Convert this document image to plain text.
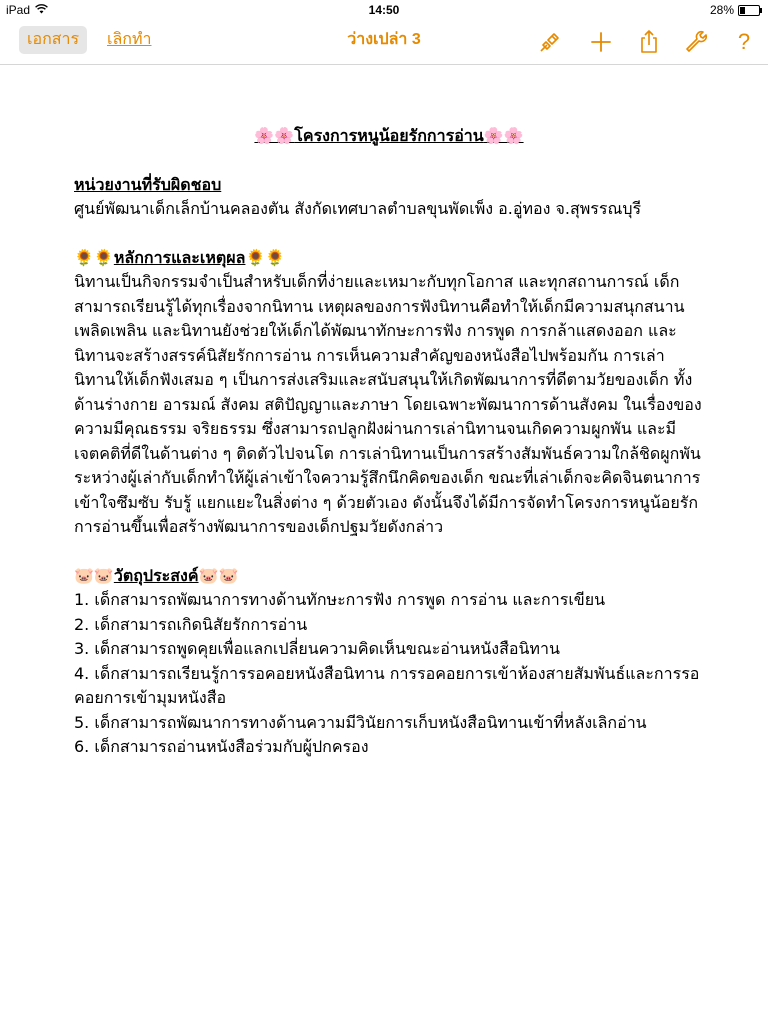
iPad	14:50	28%
เอกสาร	เลิกทำ	ว่างเปล่า 3	?
🌸🌸โครงการหนูน้อยรักการอ่าน🌸🌸
หน่วยงานที่รับผิดชอบ
ศูนย์พัฒนาเด็กเล็กบ้านคลองตัน สังกัดเทศบาลตำบลขุนพัดเพ็ง อ.อู่ทอง จ.สุพรรณบุรี
🌻🌻หลักการและเหตุผล🌻🌻
นิทานเป็นกิจกรรมจำเป็นสำหรับเด็กที่ง่ายและเหมาะกับทุกโอกาส และทุกสถานการณ์ เด็กสามารถเรียนรู้ได้ทุกเรื่องจากนิทาน เหตุผลของการฟังนิทานคือทำให้เด็กมีความสนุกสนาน เพลิดเพลิน และนิทานยังช่วยให้เด็กได้พัฒนาทักษะการฟัง การพูด การกล้าแสดงออก และนิทานจะสร้างสรรค์นิสัยรักการอ่าน การเห็นความสำคัญของหนังสือไปพร้อมกัน การเล่านิทานให้เด็กฟังเสมอ ๆ เป็นการส่งเสริมและสนับสนุนให้เกิดพัฒนาการที่ดีตามวัยของเด็ก ทั้งด้านร่างกาย อารมณ์ สังคม สติปัญญาและภาษา โดยเฉพาะพัฒนาการด้านสังคม ในเรื่องของความมีคุณธรรม จริยธรรม ซึ่งสามารถปลูกฝังผ่านการเล่านิทานจนเกิดความผูกพัน และมีเจตคติที่ดีในด้านต่าง ๆ ติดตัวไปจนโต การเล่านิทานเป็นการสร้างสัมพันธ์ความใกล้ชิดผูกพันระหว่างผู้เล่ากับเด็กทำให้ผู้เล่าเข้าใจความรู้สึกนึกคิดของเด็ก ขณะที่เล่าเด็กจะคิดจินตนาการ เข้าใจซึมซับ รับรู้ แยกแยะในสิ่งต่าง ๆ ด้วยตัวเอง ดังนั้นจึงได้มีการจัดทำโครงการหนูน้อยรักการอ่านขึ้นเพื่อสร้างพัฒนาการของเด็กปฐมวัยดังกล่าว
🐷🐷วัตถุประสงค์🐷🐷
1. เด็กสามารถพัฒนาการทางด้านทักษะการฟัง การพูด การอ่าน และการเขียน
2. เด็กสามารถเกิดนิสัยรักการอ่าน
3. เด็กสามารถพูดคุยเพื่อแลกเปลี่ยนความคิดเห็นขณะอ่านหนังสือนิทาน
4. เด็กสามารถเรียนรู้การรอคอยหนังสือนิทาน การรอคอยการเข้าห้องสายสัมพันธ์และการรอคอยการเข้ามุมหนังสือ
5. เด็กสามารถพัฒนาการทางด้านความมีวินัยการเก็บหนังสือนิทานเข้าที่หลังเลิกอ่าน
6. เด็กสามารถอ่านหนังสือร่วมกับผู้ปกครอง
